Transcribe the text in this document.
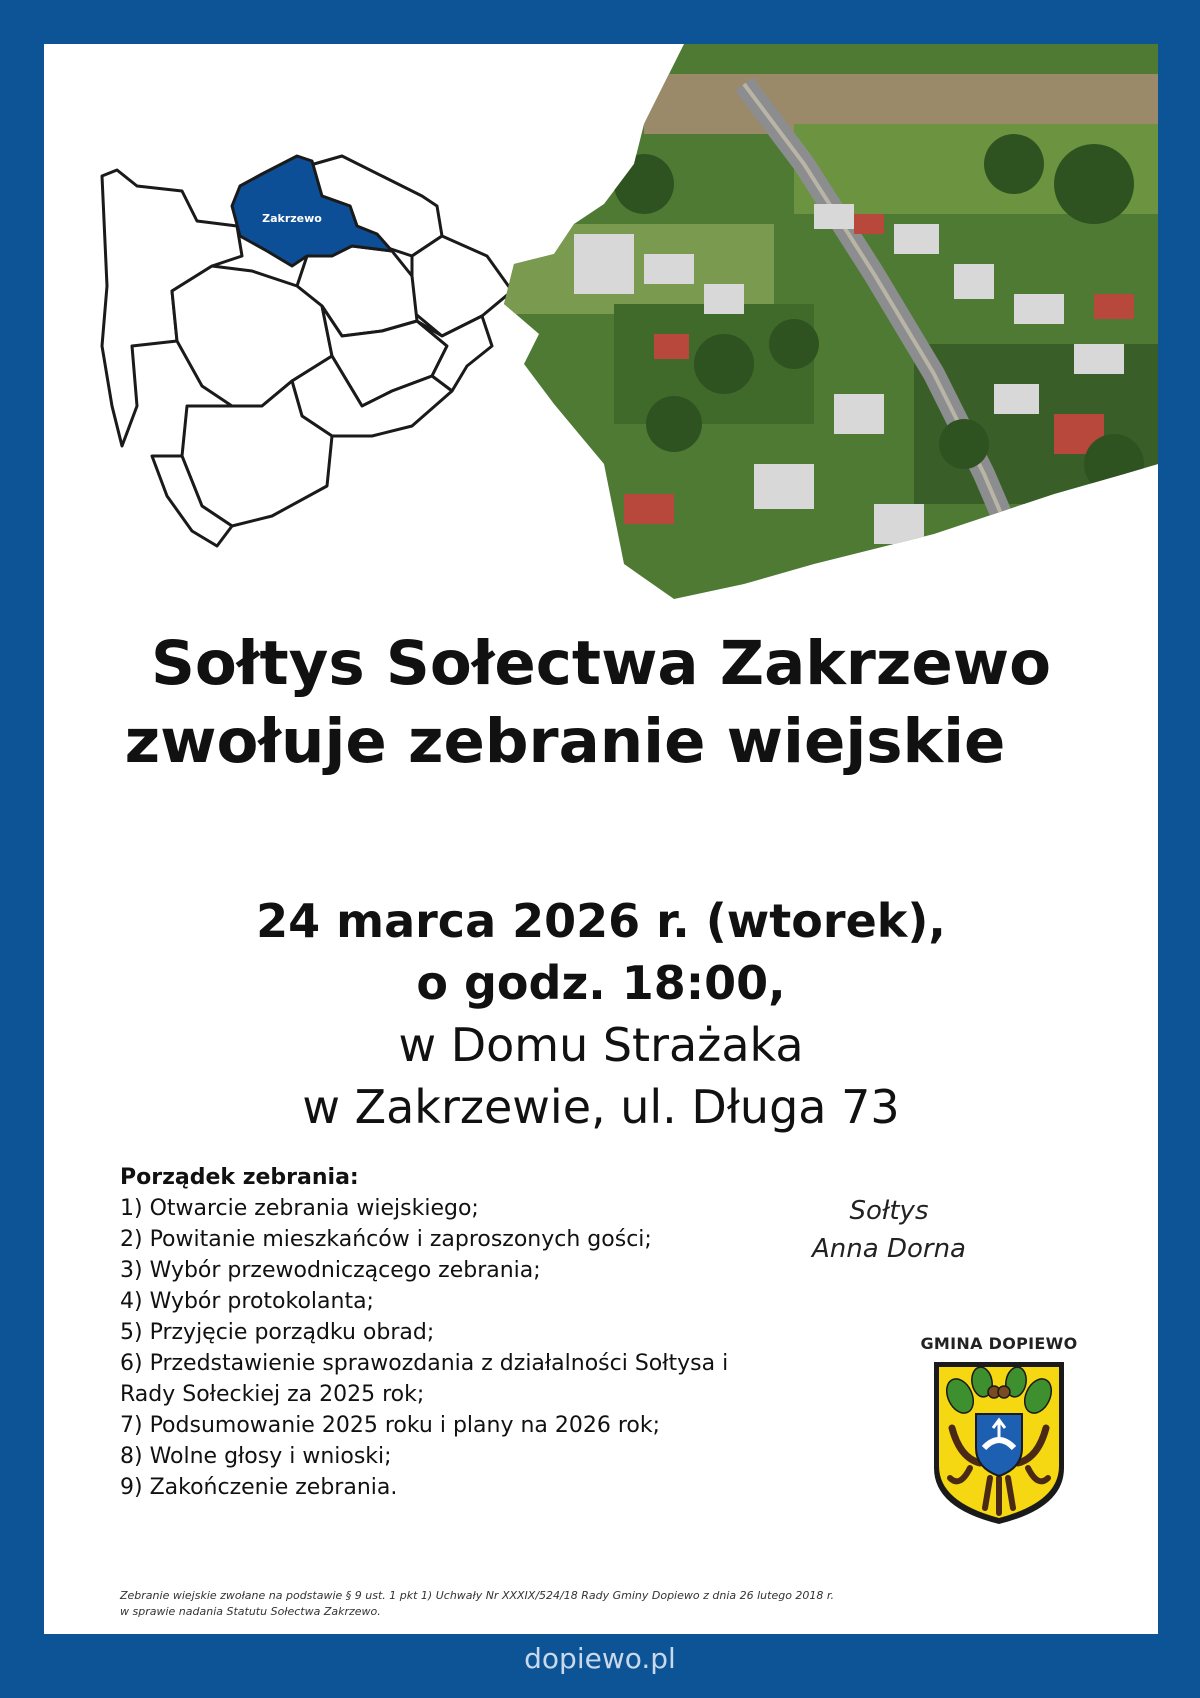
Zakrzewo
Sołtys Sołectwa Zakrzewo
zwołuje zebranie wiejskie
24 marca 2026 r. (wtorek),
o godz. 18:00,
w Domu Strażaka
w Zakrzewie, ul. Długa 73
Porządek zebrania:
1) Otwarcie zebrania wiejskiego;
2) Powitanie mieszkańców i zaproszonych gości;
3) Wybór przewodniczącego zebrania;
4) Wybór protokolanta;
5) Przyjęcie porządku obrad;
6) Przedstawienie sprawozdania z działalności Sołtysa i
Rady Sołeckiej za 2025 rok;
7) Podsumowanie 2025 roku i plany na 2026 rok;
8) Wolne głosy i wnioski;
9) Zakończenie zebrania.
Sołtys
Anna Dorna
GMINA DOPIEWO
Zebranie wiejskie zwołane na podstawie § 9 ust. 1 pkt 1) Uchwały Nr XXXIX/524/18 Rady Gminy Dopiewo z dnia 26 lutego 2018 r.
w sprawie nadania Statutu Sołectwa Zakrzewo.
dopiewo.pl
